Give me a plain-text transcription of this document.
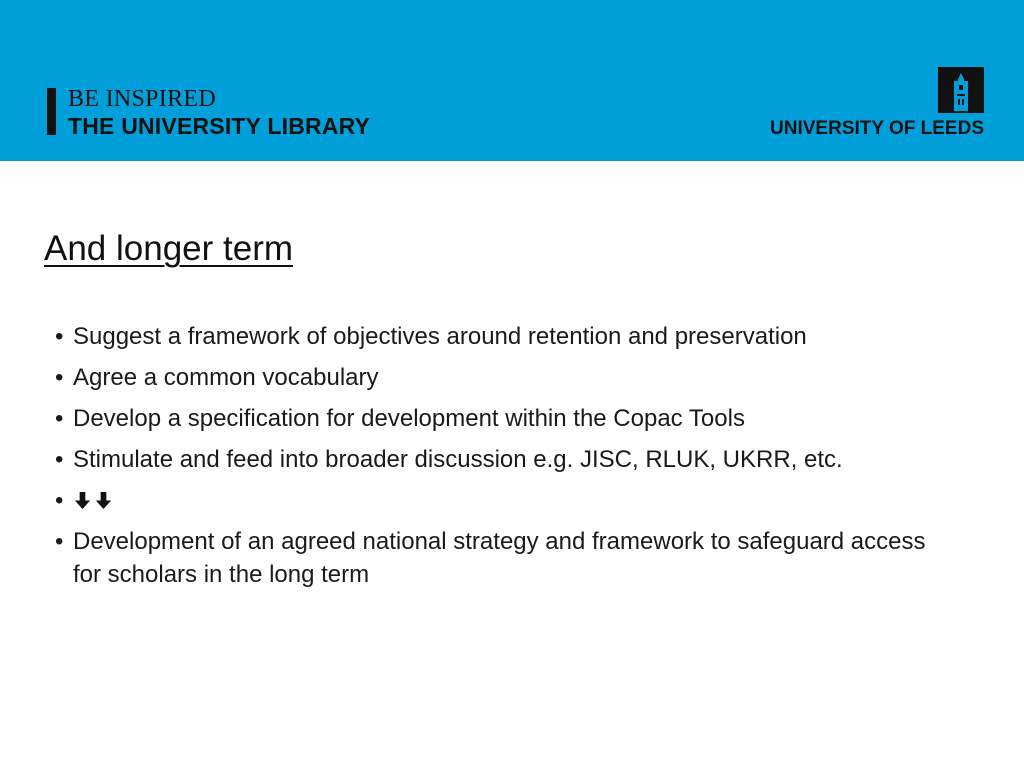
BE INSPIRED
THE UNIVERSITY LIBRARY	UNIVERSITY OF LEEDS
And longer term
• Suggest a framework of objectives around retention and preservation
• Agree a common vocabulary
• Develop a specification for development within the Copac Tools
• Stimulate and feed into broader discussion e.g. JISC, RLUK, UKRR, etc.
•
• Development of an agreed national strategy and framework to safeguard access for scholars in the long term
